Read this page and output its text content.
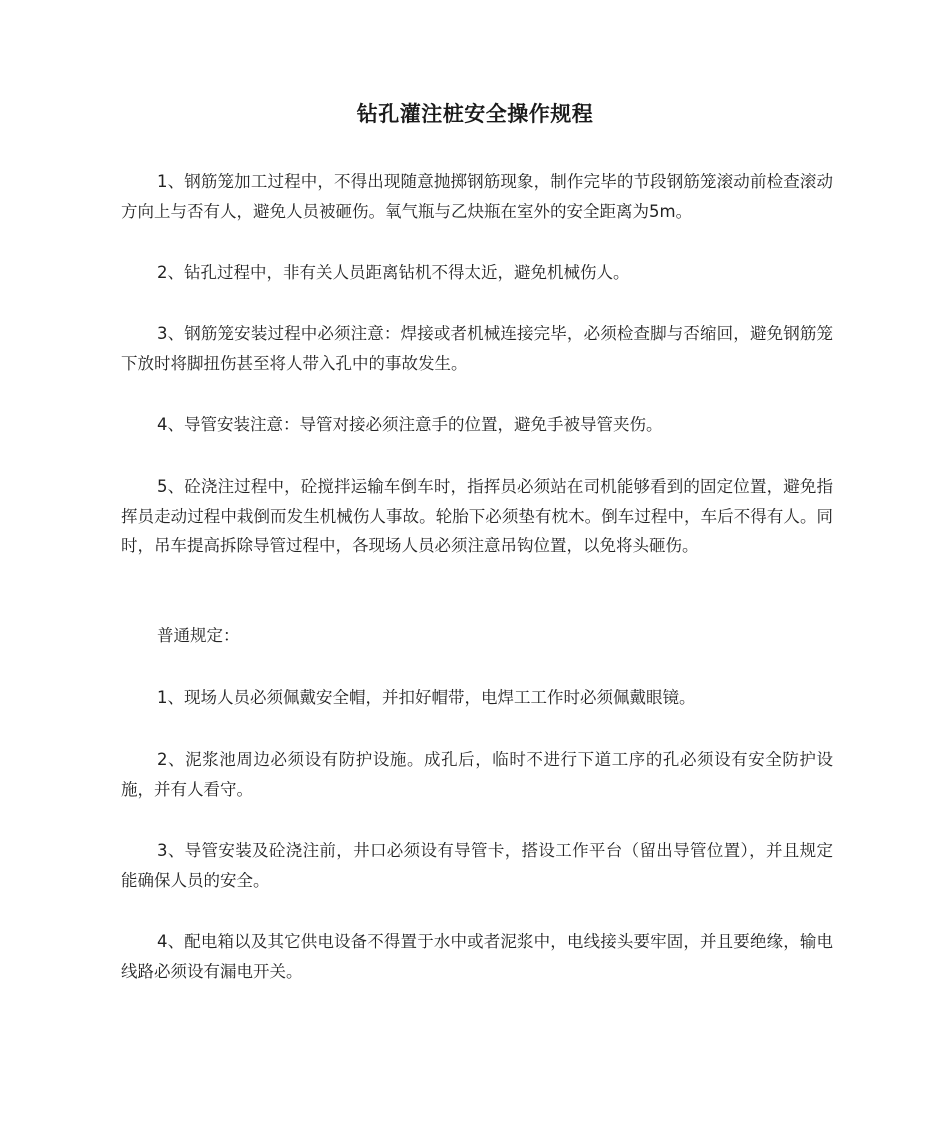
钻孔灌注桩安全操作规程

1、钢筋笼加工过程中，不得出现随意抛掷钢筋现象，制作完毕的节段钢筋笼滚动前检查滚动方向上与否有人，避免人员被砸伤。氧气瓶与乙炔瓶在室外的安全距离为5m。

2、钻孔过程中，非有关人员距离钻机不得太近，避免机械伤人。

3、钢筋笼安装过程中必须注意：焊接或者机械连接完毕，必须检查脚与否缩回，避免钢筋笼下放时将脚扭伤甚至将人带入孔中的事故发生。

4、导管安装注意：导管对接必须注意手的位置，避免手被导管夹伤。

5、砼浇注过程中，砼搅拌运输车倒车时，指挥员必须站在司机能够看到的固定位置，避免指挥员走动过程中栽倒而发生机械伤人事故。轮胎下必须垫有枕木。倒车过程中，车后不得有人。同时，吊车提高拆除导管过程中，各现场人员必须注意吊钩位置，以免将头砸伤。

普通规定：

1、现场人员必须佩戴安全帽，并扣好帽带，电焊工工作时必须佩戴眼镜。

2、泥浆池周边必须设有防护设施。成孔后，临时不进行下道工序的孔必须设有安全防护设施，并有人看守。

3、导管安装及砼浇注前，井口必须设有导管卡，搭设工作平台（留出导管位置），并且规定能确保人员的安全。

4、配电箱以及其它供电设备不得置于水中或者泥浆中，电线接头要牢固，并且要绝缘，输电线路必须设有漏电开关。
